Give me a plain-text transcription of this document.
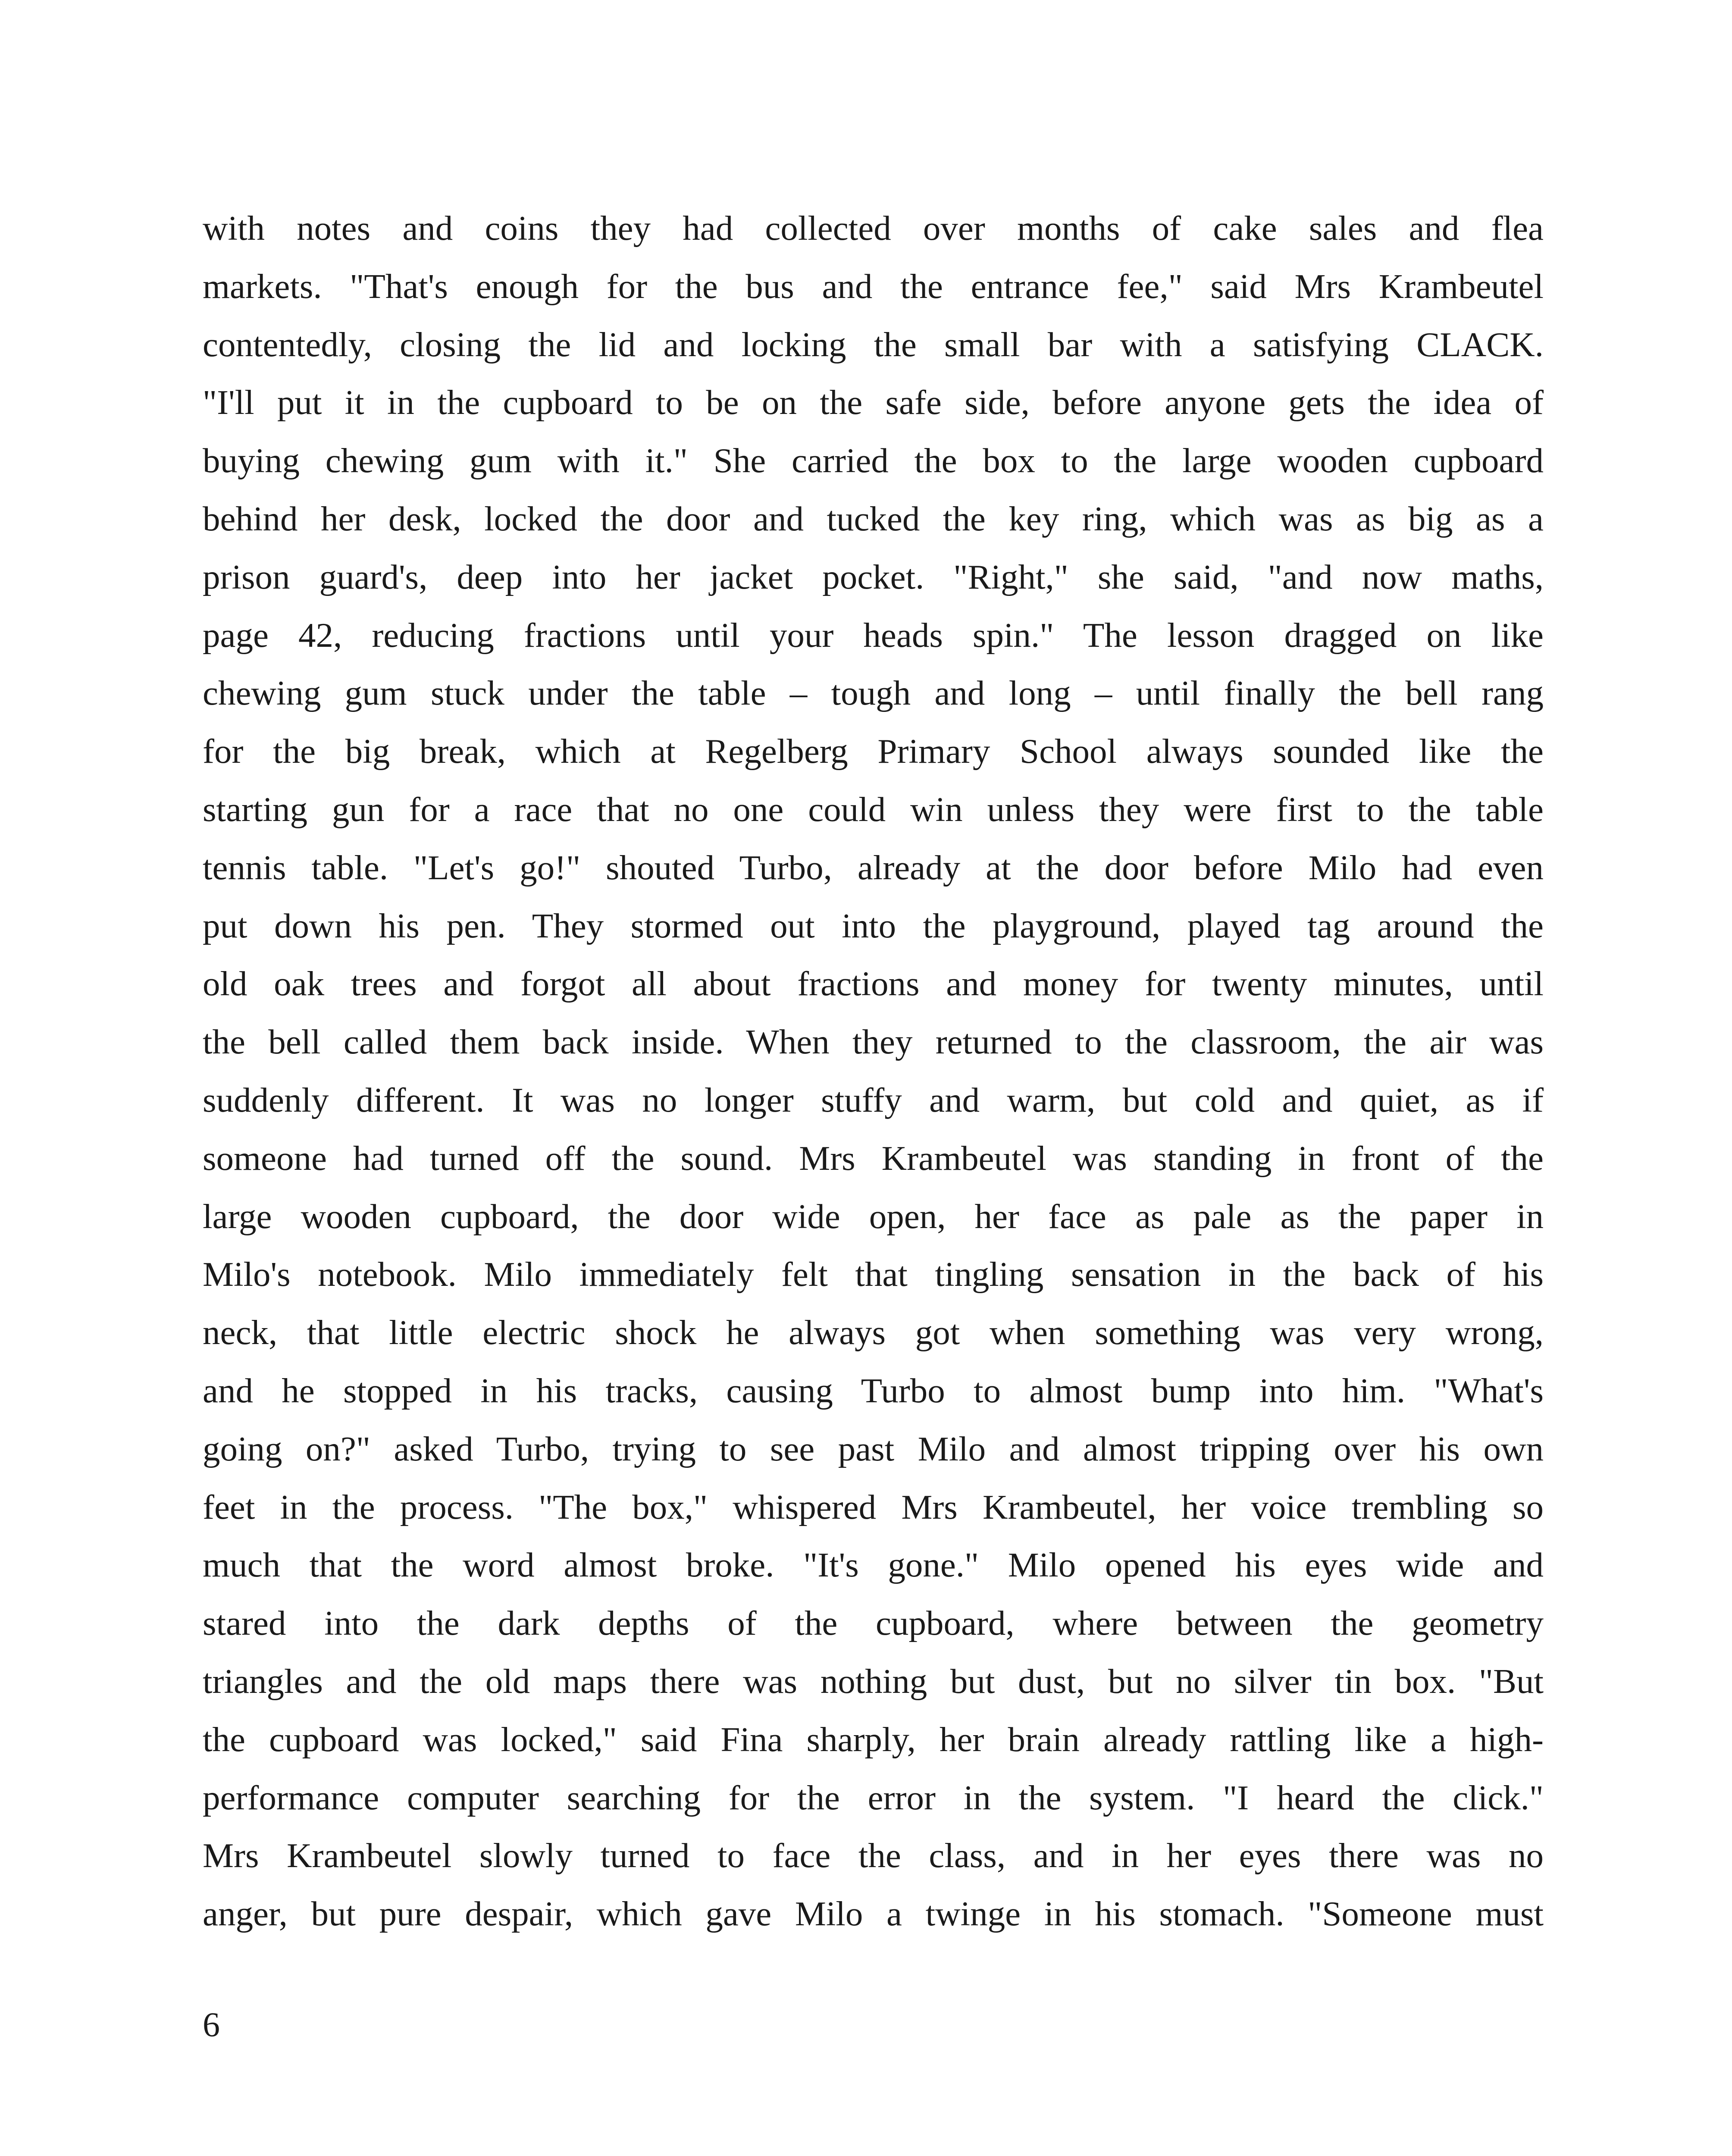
with notes and coins they had collected over months of cake sales and flea
markets. "That's enough for the bus and the entrance fee," said Mrs Krambeutel
contentedly, closing the lid and locking the small bar with a satisfying CLACK.
"I'll put it in the cupboard to be on the safe side, before anyone gets the idea of
buying chewing gum with it." She carried the box to the large wooden cupboard
behind her desk, locked the door and tucked the key ring, which was as big as a
prison guard's, deep into her jacket pocket. "Right," she said, "and now maths,
page 42, reducing fractions until your heads spin." The lesson dragged on like
chewing gum stuck under the table – tough and long – until finally the bell rang
for the big break, which at Regelberg Primary School always sounded like the
starting gun for a race that no one could win unless they were first to the table
tennis table. "Let's go!" shouted Turbo, already at the door before Milo had even
put down his pen. They stormed out into the playground, played tag around the
old oak trees and forgot all about fractions and money for twenty minutes, until
the bell called them back inside. When they returned to the classroom, the air was
suddenly different. It was no longer stuffy and warm, but cold and quiet, as if
someone had turned off the sound. Mrs Krambeutel was standing in front of the
large wooden cupboard, the door wide open, her face as pale as the paper in
Milo's notebook. Milo immediately felt that tingling sensation in the back of his
neck, that little electric shock he always got when something was very wrong,
and he stopped in his tracks, causing Turbo to almost bump into him. "What's
going on?" asked Turbo, trying to see past Milo and almost tripping over his own
feet in the process. "The box," whispered Mrs Krambeutel, her voice trembling so
much that the word almost broke. "It's gone." Milo opened his eyes wide and
stared into the dark depths of the cupboard, where between the geometry
triangles and the old maps there was nothing but dust, but no silver tin box. "But
the cupboard was locked," said Fina sharply, her brain already rattling like a high-
performance computer searching for the error in the system. "I heard the click."
Mrs Krambeutel slowly turned to face the class, and in her eyes there was no
anger, but pure despair, which gave Milo a twinge in his stomach. "Someone must
6
